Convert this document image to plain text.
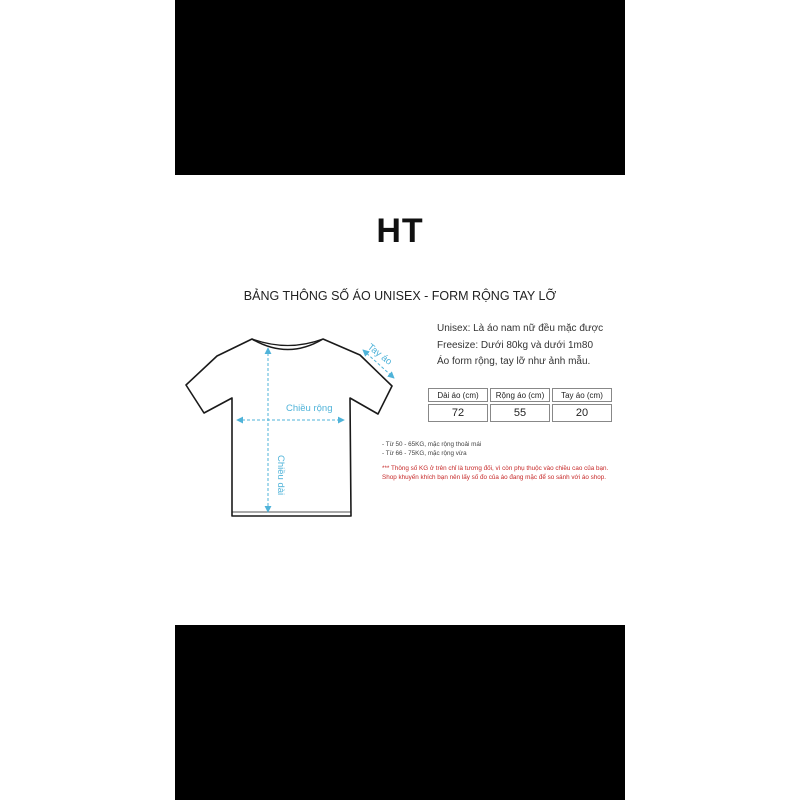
HT
BẢNG THÔNG SỐ ÁO UNISEX - FORM RỘNG TAY LỠ
Unisex: Là áo nam nữ đều mặc được
Freesize: Dưới 80kg và dưới 1m80
Áo form rộng, tay lỡ như ảnh mẫu.
Chiều rộng
Chiều dài
Tay áo
Dài áo (cm)	Rộng áo (cm)	Tay áo (cm)
72	55	20
- Từ 50 - 65KG, mặc rộng thoải mái
- Từ 66 - 75KG, mặc rộng vừa
*** Thông số KG ở trên chỉ là tương đối, vì còn phụ thuộc vào chiều cao của bạn.
Shop khuyến khích bạn nên lấy số đo của áo đang mặc để so sánh với áo shop.
